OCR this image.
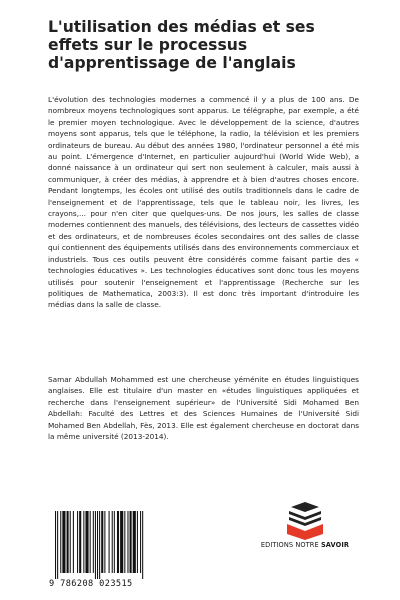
L'utilisation des médias et ses
effets sur le processus
d'apprentissage de l'anglais

L'évolution des technologies modernes a commencé il y a plus de 100 ans. De nombreux moyens technologiques sont apparus. Le télégraphe, par exemple, a été le premier moyen technologique. Avec le développement de la science, d'autres moyens sont apparus, tels que le téléphone, la radio, la télévision et les premiers ordinateurs de bureau. Au début des années 1980, l'ordinateur personnel a été mis au point. L'émergence d'Internet, en particulier aujourd'hui (World Wide Web), a donné naissance à un ordinateur qui sert non seulement à calculer, mais aussi à communiquer, à créer des médias, à apprendre et à bien d'autres choses encore. Pendant longtemps, les écoles ont utilisé des outils traditionnels dans le cadre de l'enseignement et de l'apprentissage, tels que le tableau noir, les livres, les crayons,... pour n'en citer que quelques-uns. De nos jours, les salles de classe modernes contiennent des manuels, des télévisions, des lecteurs de cassettes vidéo et des ordinateurs, et de nombreuses écoles secondaires ont des salles de classe qui contiennent des équipements utilisés dans des environnements commerciaux et industriels. Tous ces outils peuvent être considérés comme faisant partie des « technologies éducatives ». Les technologies éducatives sont donc tous les moyens utilisés pour soutenir l'enseignement et l'apprentissage (Recherche sur les politiques de Mathematica, 2003:3). Il est donc très important d'introduire les médias dans la salle de classe.

Samar Abdullah Mohammed est une chercheuse yéménite en études linguistiques anglaises. Elle est titulaire d'un master en «études linguistiques appliquées et recherche dans l'enseignement supérieur» de l'Université Sidi Mohamed Ben Abdellah: Faculté des Lettres et des Sciences Humaines de l'Université Sidi Mohamed Ben Abdellah, Fès, 2013. Elle est également chercheuse en doctorat dans la même université (2013-2014).

EDITIONS NOTRE SAVOIR
9 786208 023515
